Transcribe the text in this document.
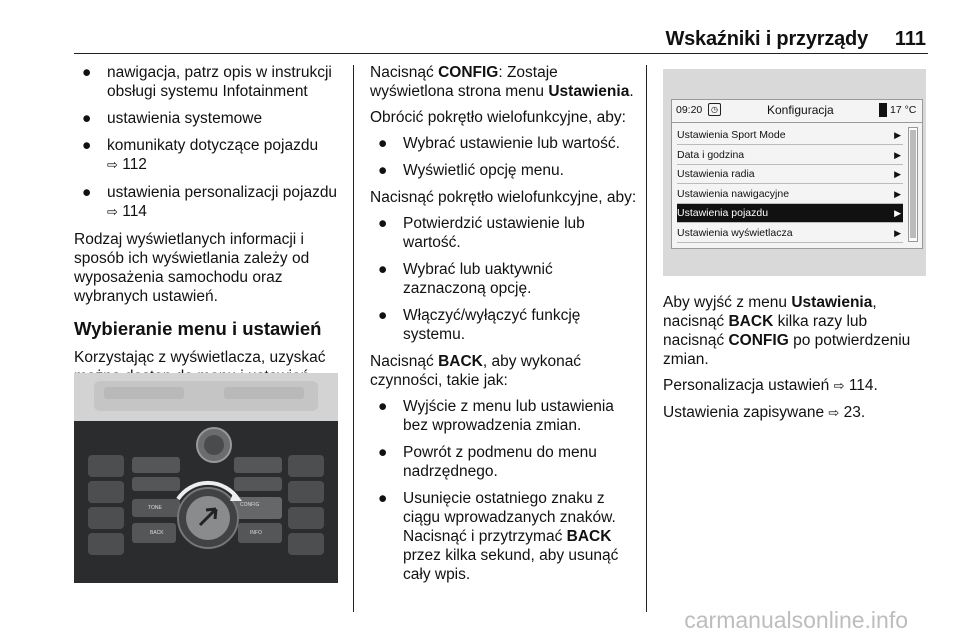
Wskaźniki i przyrządy 111
● nawigacja, patrz opis w instrukcji obsługi systemu Infotainment
● ustawienia systemowe
● komunikaty dotyczące pojazdu
⇨ 112
● ustawienia personalizacji pojazdu ⇨ 114

Rodzaj wyświetlanych informacji i sposób ich wyświetlania zależy od wyposażenia samochodu oraz wybranych ustawień.

Wybieranie menu i ustawień

Korzystając z wyświetlacza, uzyskać

CONFIG
BACK	INFO
TONE

Nacisnąć CONFIG: Zostaje wyświetlona strona menu Ustawienia.

Obrócić pokrętło wielofunkcyjne, aby:

● Wybrać ustawienie lub wartość.
● Wyświetlić opcję menu.

Nacisnąć pokrętło wielofunkcyjne, aby:

● Potwierdzić ustawienie lub wartość.
● Wybrać lub uaktywnić zaznaczoną opcję.
● Włączyć/wyłączyć funkcję systemu.

Nacisnąć BACK, aby wykonać czynności, takie jak:

● Wyjście z menu lub ustawienia bez wprowadzenia zmian.
● Powrót z podmenu do menu nadrzędnego.
● Usunięcie ostatniego znaku z ciągu wprowadzanych znaków. Nacisnąć i przytrzymać BACK przez kilka sekund, aby usunąć cały wpis.
09:20	◷	Konfiguracja	17 °C
Ustawienia Sport Mode	▶
Data i godzina	▶
Ustawienia radia	▶
Ustawienia nawigacyjne	▶
Ustawienia pojazdu	▶
Ustawienia wyświetlacza	▶

Aby wyjść z menu Ustawienia, nacisnąć BACK kilka razy lub nacisnąć CONFIG po potwierdzeniu zmian.

Personalizacja ustawień ⇨ 114.

Ustawienia zapisywane ⇨ 23.

carmanualsonline.info
